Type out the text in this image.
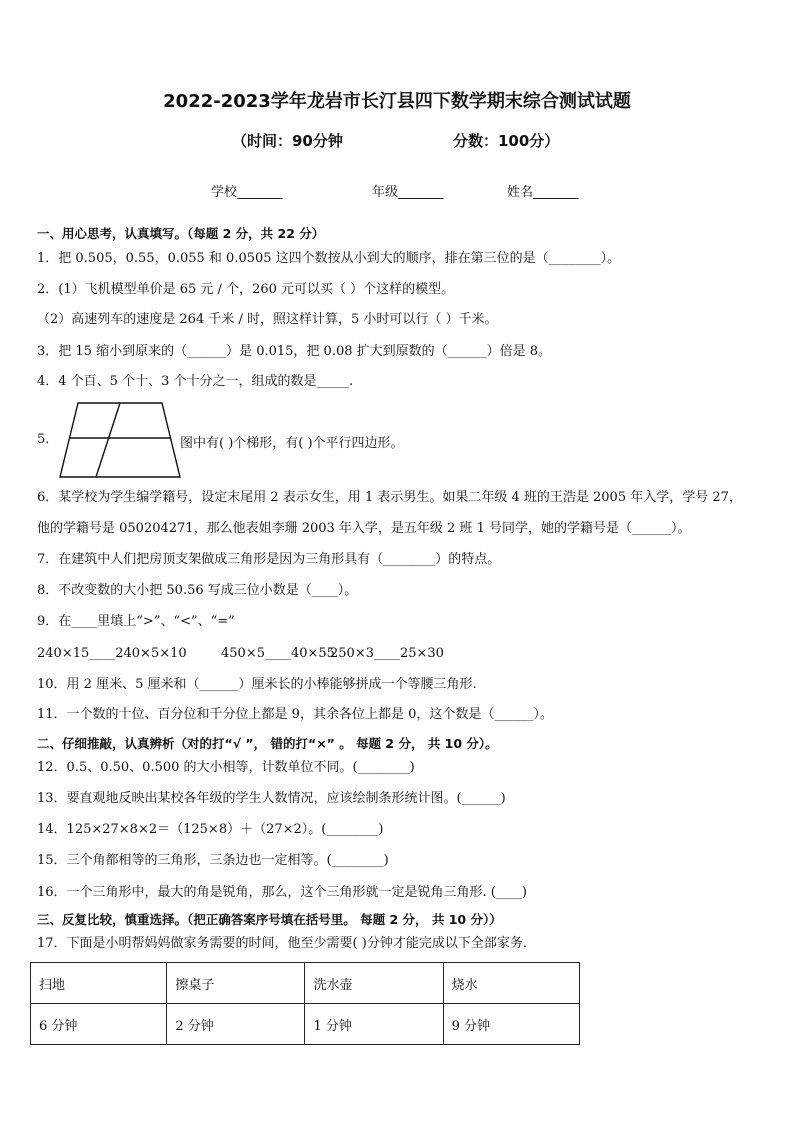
2022-2023学年龙岩市长汀县四下数学期末综合测试试题
（时间：90分钟	分数：100分）
学校_______	年级_______	姓名_______
一、用心思考，认真填写。（每题 2 分，共 22 分）
1．把 0.505，0.55，0.055 和 0.0505 这四个数按从小到大的顺序，排在第三位的是（________）。
2．(1）飞机模型单价是 65 元 / 个，260 元可以买（ ）个这样的模型。
（2）高速列车的速度是 264 千米 / 时，照这样计算，5 小时可以行（ ）千米。
3．把 15 缩小到原来的（______）是 0.015，把 0.08 扩大到原数的（______）倍是 8。
4．4 个百、5 个十、3 个十分之一，组成的数是_____.
5．	图中有( )个梯形，有( )个平行四边形。
6．某学校为学生编学籍号，设定末尾用 2 表示女生，用 1 表示男生。如果二年级 4 班的王浩是 2005 年入学，学号 27，
他的学籍号是 050204271，那么他表姐李珊 2003 年入学，是五年级 2 班 1 号同学，她的学籍号是（______）。
7．在建筑中人们把房顶支架做成三角形是因为三角形具有（________）的特点。
8．不改变数的大小把 50.56 写成三位小数是（____）。
9．在____里填上“>”、“<”、“=”
240×15____240×5×10	450×5____40×55
250×3____25×30
10．用 2 厘米、5 厘米和（______）厘米长的小棒能够拼成一个等腰三角形.
11．一个数的十位、百分位和千分位上都是 9，其余各位上都是 0，这个数是（______）。
二、仔细推敲，认真辨析（对的打“√ ”， 错的打“×” 。 每题 2 分， 共 10 分）。
12．0.5、0.50、0.500 的大小相等，计数单位不同。(________)
13．要直观地反映出某校各年级的学生人数情况，应该绘制条形统计图。(______)
14．125×27×8×2＝（125×8）＋（27×2）。(________)
15．三个角都相等的三角形，三条边也一定相等。(________)
16．一个三角形中，最大的角是锐角，那么，这个三角形就一定是锐角三角形. (____)
三、反复比较，慎重选择。（把正确答案序号填在括号里。 每题 2 分， 共 10 分））
17．下面是小明帮妈妈做家务需要的时间，他至少需要( )分钟才能完成以下全部家务.
扫地	擦桌子	洗水壶	烧水
6 分钟	2 分钟	1 分钟	9 分钟
